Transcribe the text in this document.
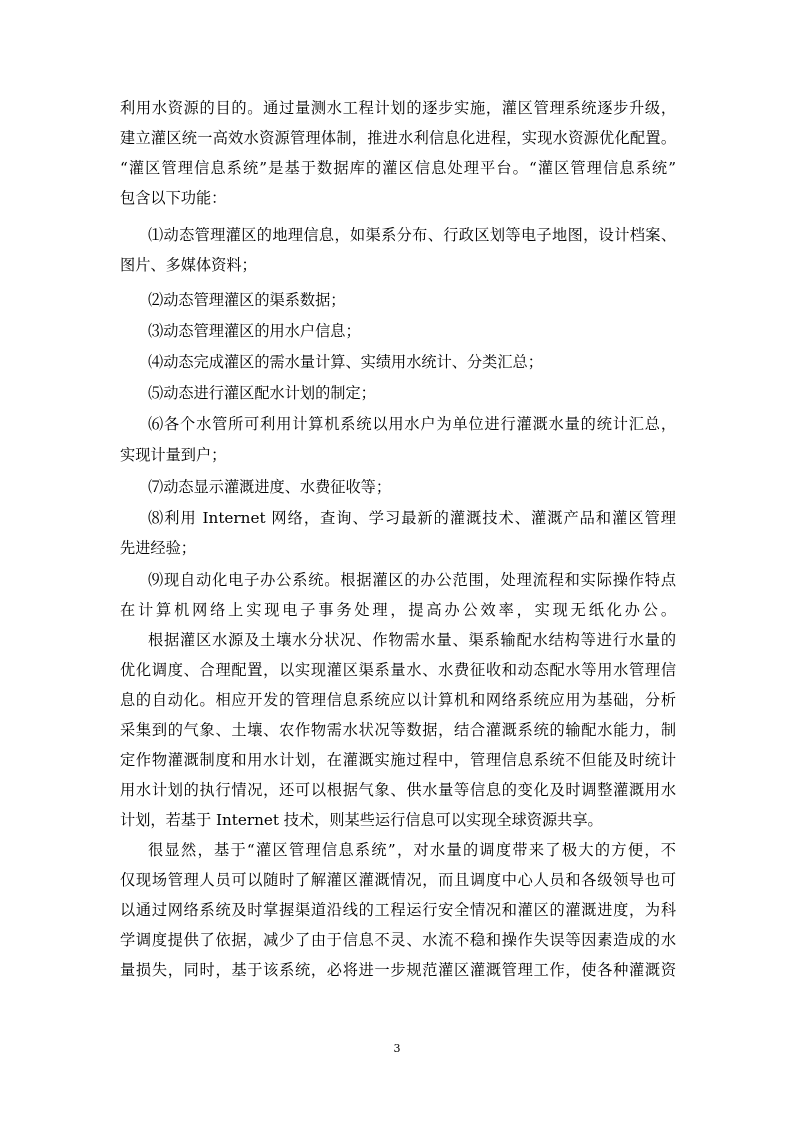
利用水资源的目的。通过量测水工程计划的逐步实施，灌区管理系统逐步升级，
建立灌区统一高效水资源管理体制，推进水利信息化进程，实现水资源优化配置。
“灌区管理信息系统”是基于数据库的灌区信息处理平台。“灌区管理信息系统”
包含以下功能：
⑴动态管理灌区的地理信息，如渠系分布、行政区划等电子地图，设计档案、
图片、多媒体资料；
⑵动态管理灌区的渠系数据；
⑶动态管理灌区的用水户信息；
⑷动态完成灌区的需水量计算、实绩用水统计、分类汇总；
⑸动态进行灌区配水计划的制定；
⑹各个水管所可利用计算机系统以用水户为单位进行灌溉水量的统计汇总，
实现计量到户；
⑺动态显示灌溉进度、水费征收等；
⑻利用 Internet 网络，查询、学习最新的灌溉技术、灌溉产品和灌区管理
先进经验；
⑼现自动化电子办公系统。根据灌区的办公范围，处理流程和实际操作特点
在计算机网络上实现电子事务处理，提高办公效率，实现无纸化办公。
根据灌区水源及土壤水分状况、作物需水量、渠系输配水结构等进行水量的
优化调度、合理配置，以实现灌区渠系量水、水费征收和动态配水等用水管理信
息的自动化。相应开发的管理信息系统应以计算机和网络系统应用为基础，分析
采集到的气象、土壤、农作物需水状况等数据，结合灌溉系统的输配水能力，制
定作物灌溉制度和用水计划，在灌溉实施过程中，管理信息系统不但能及时统计
用水计划的执行情况，还可以根据气象、供水量等信息的变化及时调整灌溉用水
计划，若基于 Internet 技术，则某些运行信息可以实现全球资源共享。
很显然，基于“灌区管理信息系统”，对水量的调度带来了极大的方便，不
仅现场管理人员可以随时了解灌区灌溉情况，而且调度中心人员和各级领导也可
以通过网络系统及时掌握渠道沿线的工程运行安全情况和灌区的灌溉进度，为科
学调度提供了依据，减少了由于信息不灵、水流不稳和操作失误等因素造成的水
量损失，同时，基于该系统，必将进一步规范灌区灌溉管理工作，使各种灌溉资
3
